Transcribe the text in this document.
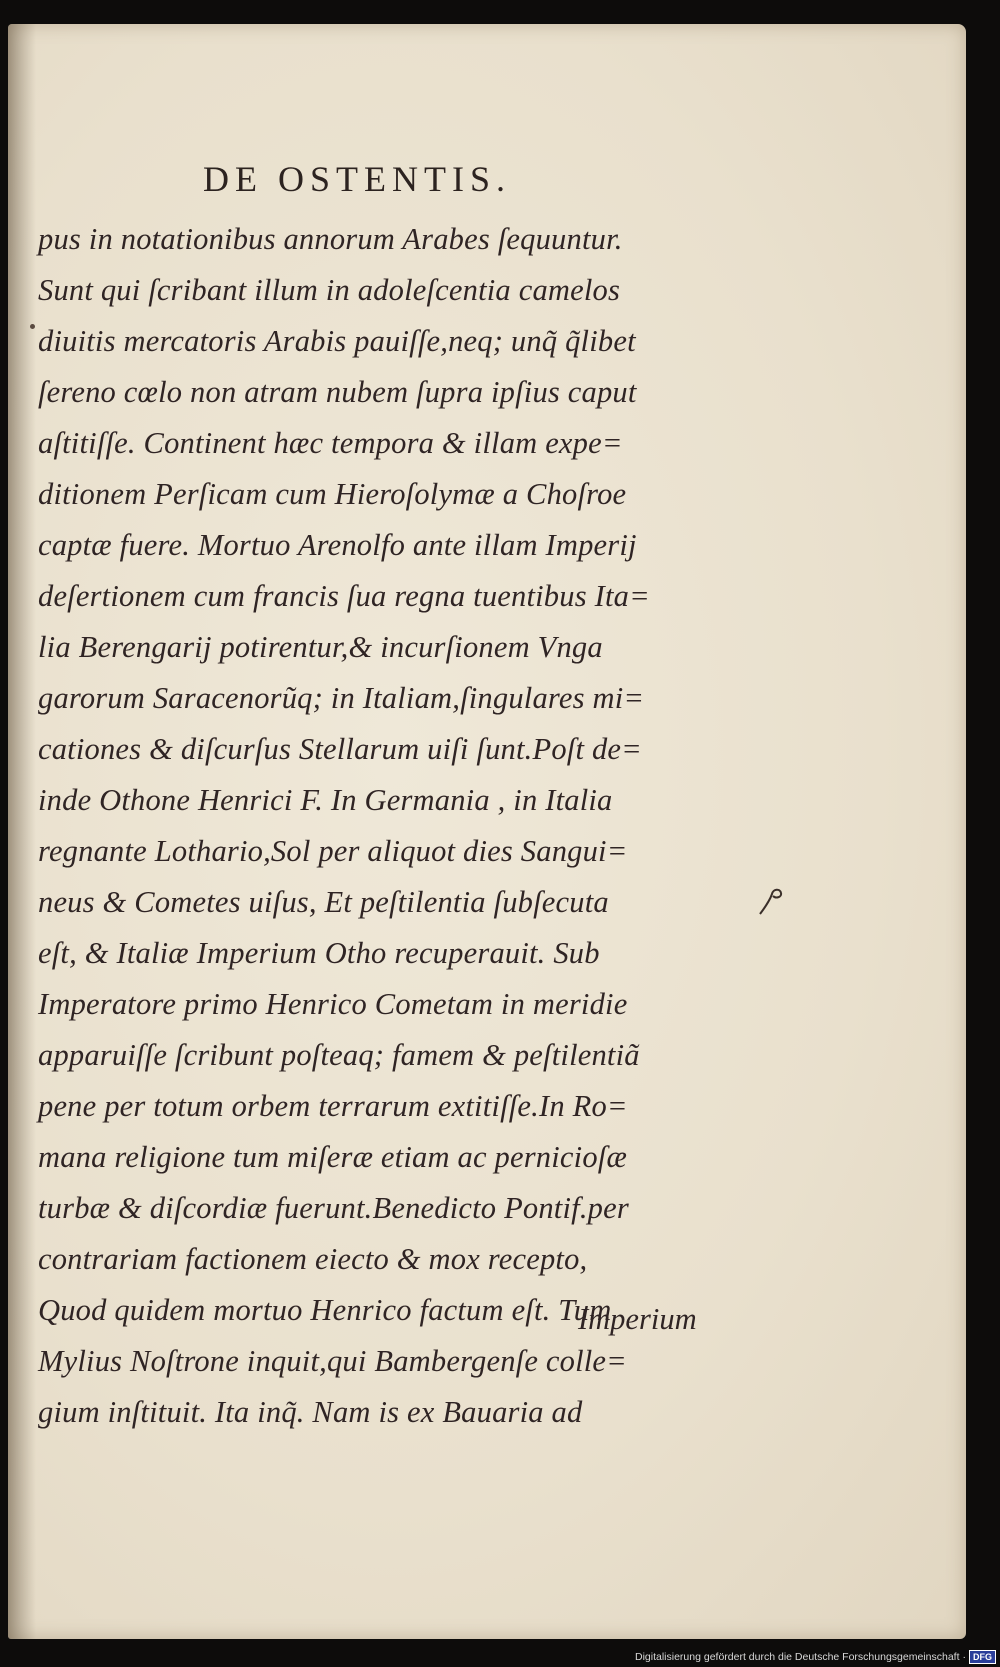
DE OSTENTIS.
pus in notationibus annorum Arabes ſequuntur.
Sunt qui ſcribant illum in adoleſcentia camelos
diuitis mercatoris Arabis pauiſſe,neq; unq̃ q̃libet
ſereno cœlo non atram nubem ſupra ipſius caput
aſtitiſſe. Continent hæc tempora & illam expe=
ditionem Perſicam cum Hieroſolymæ a Choſroe
captæ fuere. Mortuo Arenolfo ante illam Imperij
deſertionem cum francis ſua regna tuentibus Ita=
lia Berengarij potirentur,& incurſionem Vnga
garorum Saracenorũq; in Italiam,ſingulares mi=
cationes & diſcurſus Stellarum uiſi ſunt.Poſt de=
inde Othone Henrici F. In Germania , in Italia
regnante Lothario,Sol per aliquot dies Sangui=
neus & Cometes uiſus, Et peſtilentia ſubſecuta
eſt, & Italiæ Imperium Otho recuperauit. Sub
Imperatore primo Henrico Cometam in meridie
apparuiſſe ſcribunt poſteaq; famem & peſtilentiã
pene per totum orbem terrarum extitiſſe.In Ro=
mana religione tum miſeræ etiam ac pernicioſæ
turbæ & diſcordiæ fuerunt.Benedicto Pontif.per
contrariam factionem eiecto & mox recepto,
Quod quidem mortuo Henrico factum eſt. Tum
Mylius Noſtrone inquit,qui Bambergenſe colle=
gium inſtituit. Ita inq̃. Nam is ex Bauaria ad
Imperium
Digitalisierung gefördert durch die Deutsche Forschungsgemeinschaft · DFG
